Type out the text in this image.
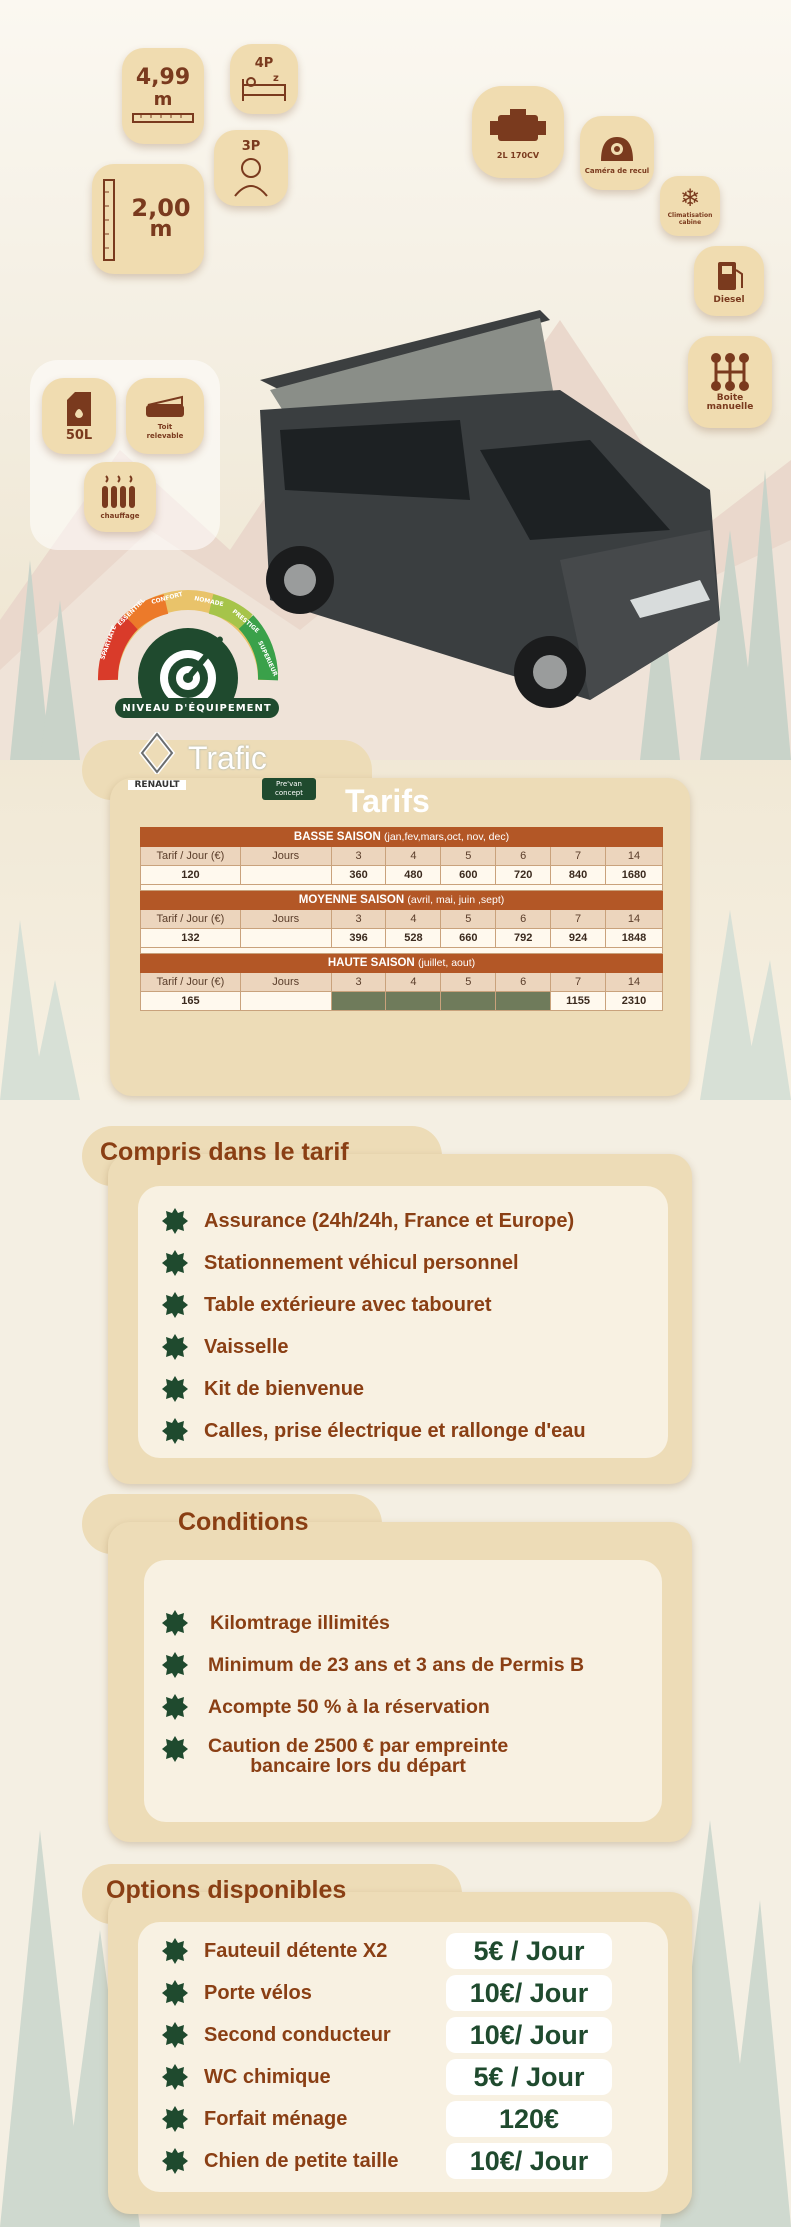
4,99
m
4P
z
3P
2,00
m
2L 170CV
Caméra de recul
❄
Climatisation cabine
Diesel
Boite manuelle
50L
Toit relevable
chauffage
SPARTIATE
ESSENTIEL CONFORT NOMADE
PRESTIGE
SUPERIEUR
NIVEAU D'ÉQUIPEMENT
RENAULT
Trafic
Pre'van concept	Tarifs
BASSE SAISON (jan,fev,mars,oct, nov, dec)							
Tarif / Jour (€)	Jours	3	4	5	6	7	14
120		360	480	600	720	840	1680

MOYENNE SAISON (avril, mai, juin ,sept)							
Tarif / Jour (€)	Jours	3	4	5	6	7	14
132		396	528	660	792	924	1848

HAUTE SAISON (juillet, aout)							
Tarif / Jour (€)	Jours	3	4	5	6	7	14
165						1155	2310
Compris dans le tarif
Assurance (24h/24h, France et Europe)
Stationnement véhicul personnel
Table extérieure avec tabouret
Vaisselle
Kit de bienvenue
Calles, prise électrique et rallonge d'eau
Conditions
Kilomtrage illimités
Minimum de 23 ans et 3 ans de Permis B
Acompte 50 % à la réservation
Caution de 2500 € par empreinte
bancaire lors du départ
Options disponibles
Fauteuil détente X2	5€ / Jour
Porte vélos	10€/ Jour
Second conducteur	10€/ Jour
WC chimique	5€ / Jour
Forfait ménage	120€
Chien de petite taille	10€/ Jour
